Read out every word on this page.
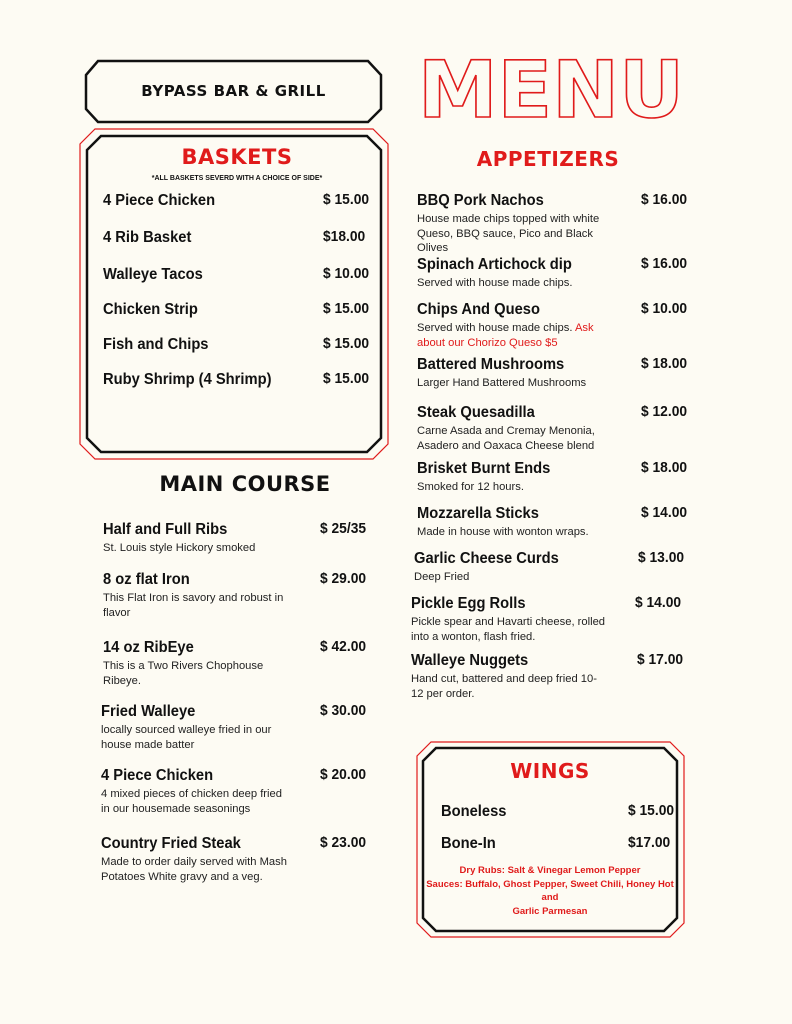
BYPASS BAR & GRILL	MENU
BASKETS
*ALL BASKETS SEVERD WITH A CHOICE OF SIDE*
4 Piece Chicken	$ 15.00
4 Rib Basket	$18.00
Walleye Tacos	$ 10.00
Chicken Strip	$ 15.00
Fish and Chips	$ 15.00
Ruby Shrimp (4 Shrimp)	$ 15.00
MAIN COURSE
Half and Full Ribs	$ 25/35
St. Louis style Hickory smoked
8 oz flat Iron	$ 29.00
This Flat Iron is savory and robust in
flavor
14 oz RibEye	$ 42.00
This is a Two Rivers Chophouse
Ribeye.
Fried Walleye	$ 30.00
locally sourced walleye fried in our
house made batter
4 Piece Chicken	$ 20.00
4 mixed pieces of chicken deep fried
in our housemade seasonings
Country Fried Steak	$ 23.00
Made to order daily served with Mash
Potatoes White gravy and a veg.
APPETIZERS
BBQ Pork Nachos	$ 16.00
House made chips topped with white
Queso, BBQ sauce, Pico and Black
Olives
Spinach Artichock dip	$ 16.00
Served with house made chips.
Chips And Queso	$ 10.00
Served with house made chips. Ask
about our Chorizo Queso $5
Battered Mushrooms	$ 18.00
Larger Hand Battered Mushrooms
Steak Quesadilla	$ 12.00
Carne Asada and Cremay Menonia,
Asadero and Oaxaca Cheese blend
Brisket Burnt Ends	$ 18.00
Smoked for 12 hours.
Mozzarella Sticks	$ 14.00
Made in house with wonton wraps.
Garlic Cheese Curds	$ 13.00
Deep Fried
Pickle Egg Rolls	$ 14.00
Pickle spear and Havarti cheese, rolled
into a wonton, flash fried.
Walleye Nuggets	$ 17.00
Hand cut, battered and deep fried 10-
12 per order.
WINGS
Boneless	$ 15.00
Bone-In	$17.00
Dry Rubs: Salt & Vinegar Lemon Pepper
Sauces: Buffalo, Ghost Pepper, Sweet Chili, Honey Hot and
Garlic Parmesan
